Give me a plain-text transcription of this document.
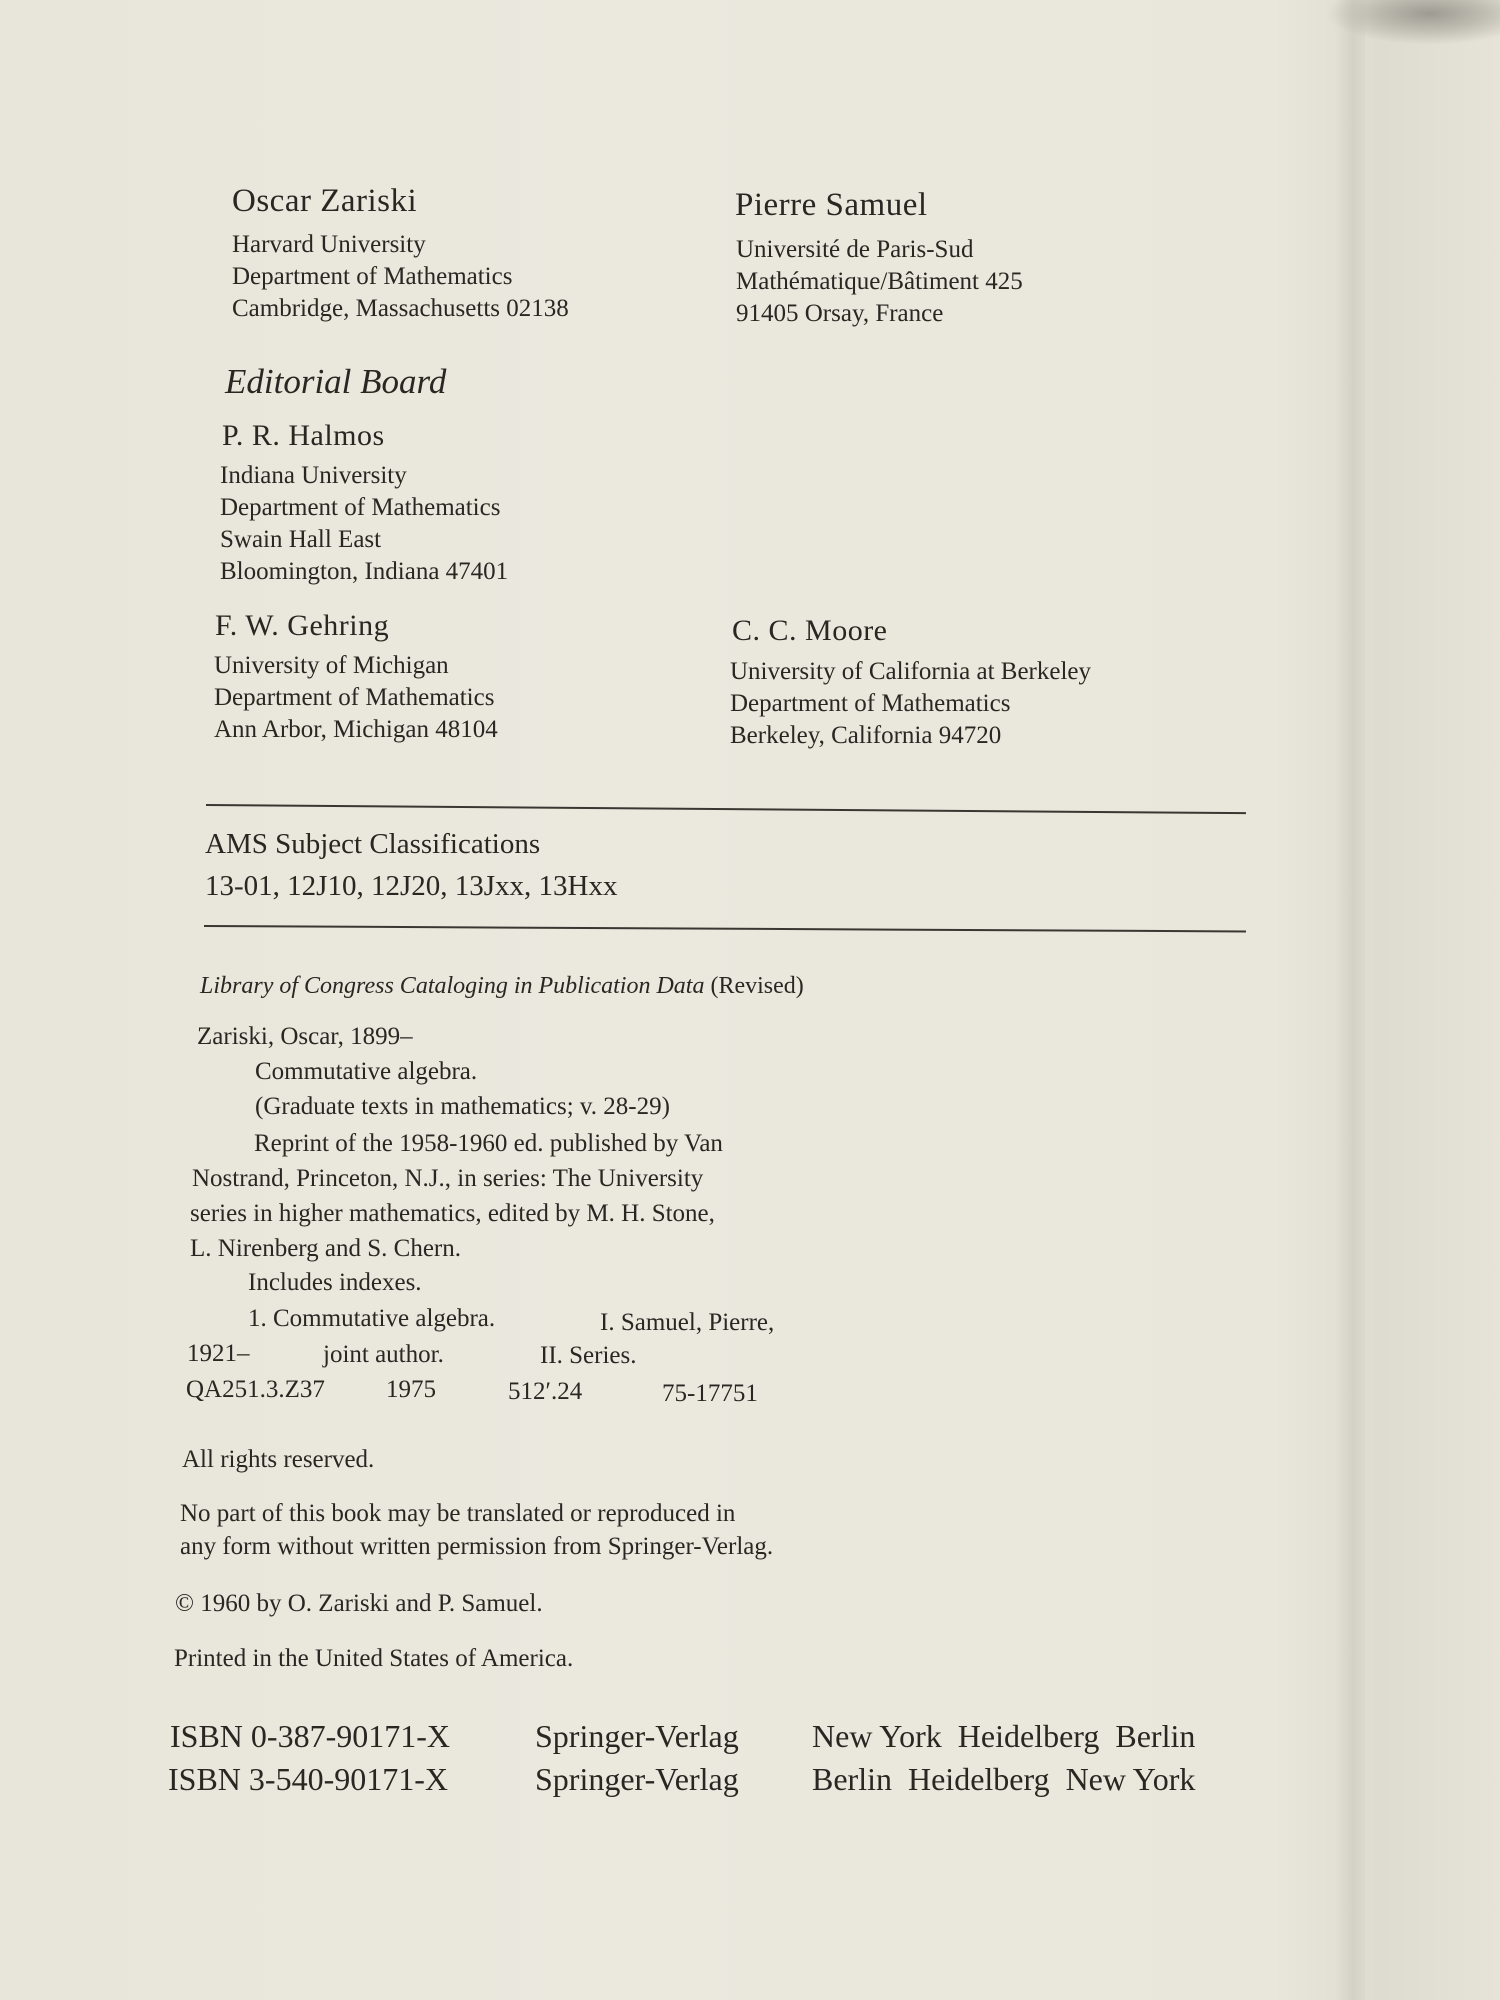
Oscar Zariski
Harvard University
Department of Mathematics
Cambridge, Massachusetts 02138
Pierre Samuel
Université de Paris-Sud
Mathématique/Bâtiment 425
91405 Orsay, France
Editorial Board
P. R. Halmos
Indiana University
Department of Mathematics
Swain Hall East
Bloomington, Indiana 47401
F. W. Gehring
University of Michigan
Department of Mathematics
Ann Arbor, Michigan 48104
C. C. Moore
University of California at Berkeley
Department of Mathematics
Berkeley, California 94720
AMS Subject Classifications
13-01, 12J10, 12J20, 13Jxx, 13Hxx
Library of Congress Cataloging in Publication Data (Revised)
Zariski, Oscar, 1899–
Commutative algebra.
(Graduate texts in mathematics; v. 28-29)
Reprint of the 1958-1960 ed. published by Van
Nostrand, Princeton, N.J., in series: The University
series in higher mathematics, edited by M. H. Stone,
L. Nirenberg and S. Chern.
Includes indexes.
1. Commutative algebra.	I. Samuel, Pierre,
1921–	joint author.	II. Series.
QA251.3.Z37 1975	512′.24	75-17751
All rights reserved.
No part of this book may be translated or reproduced in
any form without written permission from Springer-Verlag.
© 1960 by O. Zariski and P. Samuel.
Printed in the United States of America.
ISBN 0-387-90171-X	Springer-Verlag New York  Heidelberg  Berlin
ISBN 3-540-90171-X	Springer-Verlag Berlin  Heidelberg  New York
